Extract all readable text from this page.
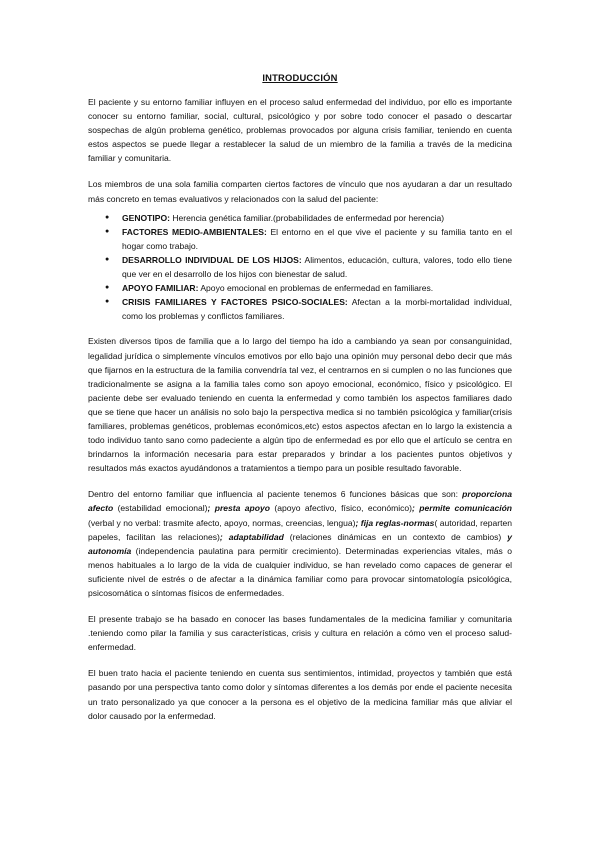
INTRODUCCIÓN

El paciente y su entorno familiar influyen en el proceso salud enfermedad del individuo, por ello es importante conocer su entorno familiar, social, cultural, psicológico y por sobre todo conocer el pasado o descartar sospechas de algún problema genético, problemas provocados por alguna crisis familiar, teniendo en cuenta estos aspectos se puede llegar a restablecer la salud de un miembro de la familia a través de la medicina familiar y comunitaria.

Los miembros de una sola familia comparten ciertos factores de vínculo que nos ayudaran a dar un resultado más concreto en temas evaluativos y relacionados con la salud del paciente:

● GENOTIPO: Herencia genética familiar.(probabilidades de enfermedad por herencia)
● FACTORES MEDIO-AMBIENTALES: El entorno en el que vive el paciente y su familia tanto en el hogar como trabajo.
● DESARROLLO INDIVIDUAL DE LOS HIJOS: Alimentos, educación, cultura, valores, todo ello tiene que ver en el desarrollo de los hijos con bienestar de salud.
● APOYO FAMILIAR: Apoyo emocional en problemas de enfermedad en familiares.
● CRISIS FAMILIARES Y FACTORES PSICO-SOCIALES: Afectan a la morbi-mortalidad individual, como los problemas y conflictos familiares.

Existen diversos tipos de familia que a lo largo del tiempo ha ido a cambiando ya sean por consanguinidad, legalidad jurídica o simplemente vínculos emotivos por ello bajo una opinión muy personal debo decir que más que fijarnos en la estructura de la familia convendría tal vez, el centrarnos en si cumplen o no las funciones que tradicionalmente se asigna a la familia tales como son apoyo emocional, económico, físico y psicológico. El paciente debe ser evaluado teniendo en cuenta la enfermedad y como también los aspectos familiares dado que se tiene que hacer un análisis no solo bajo la perspectiva medica si no también psicológica y familiar(crisis familiares, problemas genéticos, problemas económicos,etc) estos aspectos afectan en lo largo la existencia a todo individuo tanto sano como padeciente a algún tipo de enfermedad es por ello que el artículo se centra en brindarnos la información necesaria para estar preparados y brindar a los pacientes puntos objetivos y resultados más exactos ayudándonos a tratamientos a tiempo para un posible resultado favorable.

Dentro del entorno familiar que influencia al paciente tenemos 6 funciones básicas que son: proporciona afecto (estabilidad emocional); presta apoyo (apoyo afectivo, físico, económico); permite comunicación (verbal y no verbal: trasmite afecto, apoyo, normas, creencias, lengua); fija reglas-normas( autoridad, reparten papeles, facilitan las relaciones); adaptabilidad (relaciones dinámicas en un contexto de cambios) y autonomía (independencia paulatina para permitir crecimiento). Determinadas experiencias vitales, más o menos habituales a lo largo de la vida de cualquier individuo, se han revelado como capaces de generar el suficiente nivel de estrés o de afectar a la dinámica familiar como para provocar sintomatología psicológica, psicosomática o síntomas físicos de enfermedades.

El presente trabajo se ha basado en conocer las bases fundamentales de la medicina familiar y comunitaria .teniendo como pilar la familia y sus características, crisis y cultura en relación a cómo ven el proceso salud-enfermedad.

El buen trato hacia el paciente teniendo en cuenta sus sentimientos, intimidad, proyectos y también que está pasando por una perspectiva tanto como dolor y síntomas diferentes a los demás por ende el paciente necesita un trato personalizado ya que conocer a la persona es el objetivo de la medicina familiar más que aliviar el dolor causado por la enfermedad.
